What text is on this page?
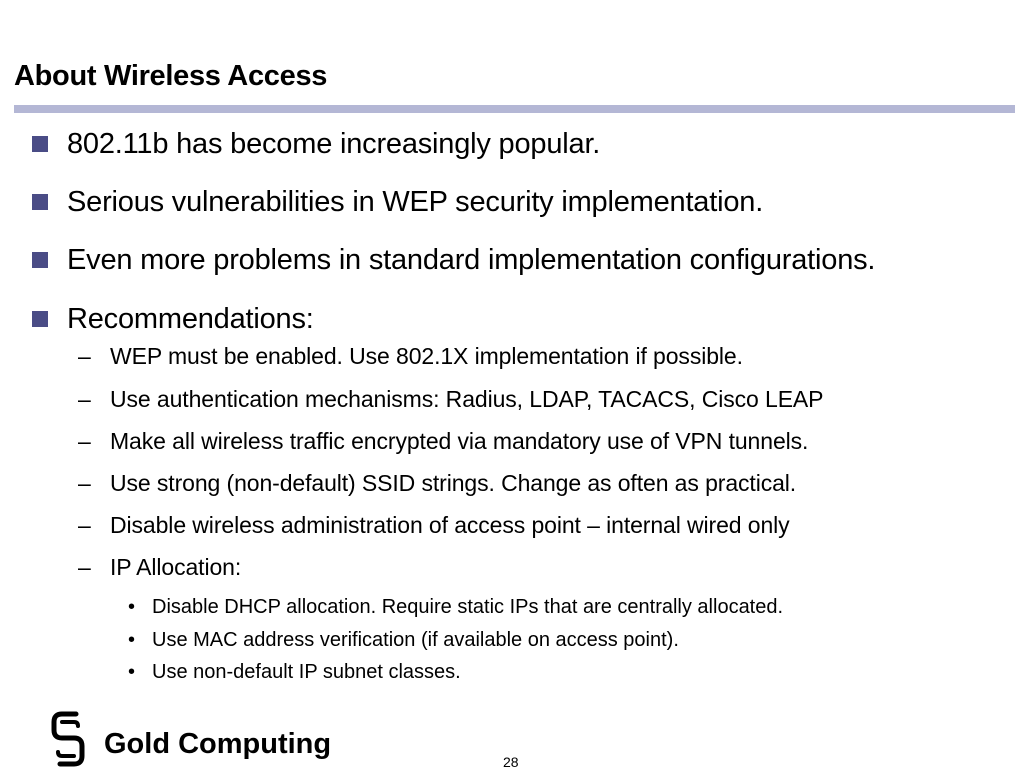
About Wireless Access
802.11b has become increasingly popular.
Serious vulnerabilities in WEP security implementation.
Even more problems in standard implementation configurations.
Recommendations:
– WEP must be enabled. Use 802.1X implementation if possible.
– Use authentication mechanisms: Radius, LDAP, TACACS, Cisco LEAP
– Make all wireless traffic encrypted via mandatory use of VPN tunnels.
– Use strong (non-default) SSID strings. Change as often as practical.
– Disable wireless administration of access point – internal wired only
– IP Allocation:
• Disable DHCP allocation. Require static IPs that are centrally allocated.
• Use MAC address verification (if available on access point).
• Use non-default IP subnet classes.
Gold Computing
28
